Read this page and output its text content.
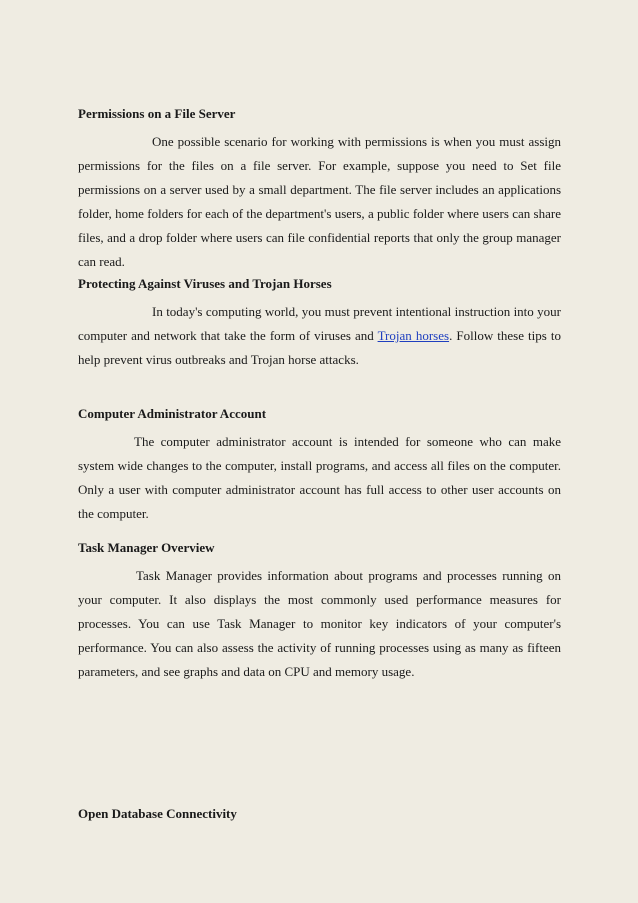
Permissions on a File Server

One possible scenario for working with permissions is when you must assign permissions for the files on a file server. For example, suppose you need to Set file permissions on a server used by a small department. The file server includes an applications folder, home folders for each of the department's users, a public folder where users can share files, and a drop folder where users can file confidential reports that only the group manager can read.

Protecting Against Viruses and Trojan Horses

In today's computing world, you must prevent intentional instruction into your computer and network that take the form of viruses and Trojan horses. Follow these tips to help prevent virus outbreaks and Trojan horse attacks.

Computer Administrator Account

The computer administrator account is intended for someone who can make system wide changes to the computer, install programs, and access all files on the computer. Only a user with computer administrator account has full access to other user accounts on the computer.

Task Manager Overview

Task Manager provides information about programs and processes running on your computer. It also displays the most commonly used performance measures for processes. You can use Task Manager to monitor key indicators of your computer's performance. You can also assess the activity of running processes using as many as fifteen parameters, and see graphs and data on CPU and memory usage.

Open Database Connectivity
